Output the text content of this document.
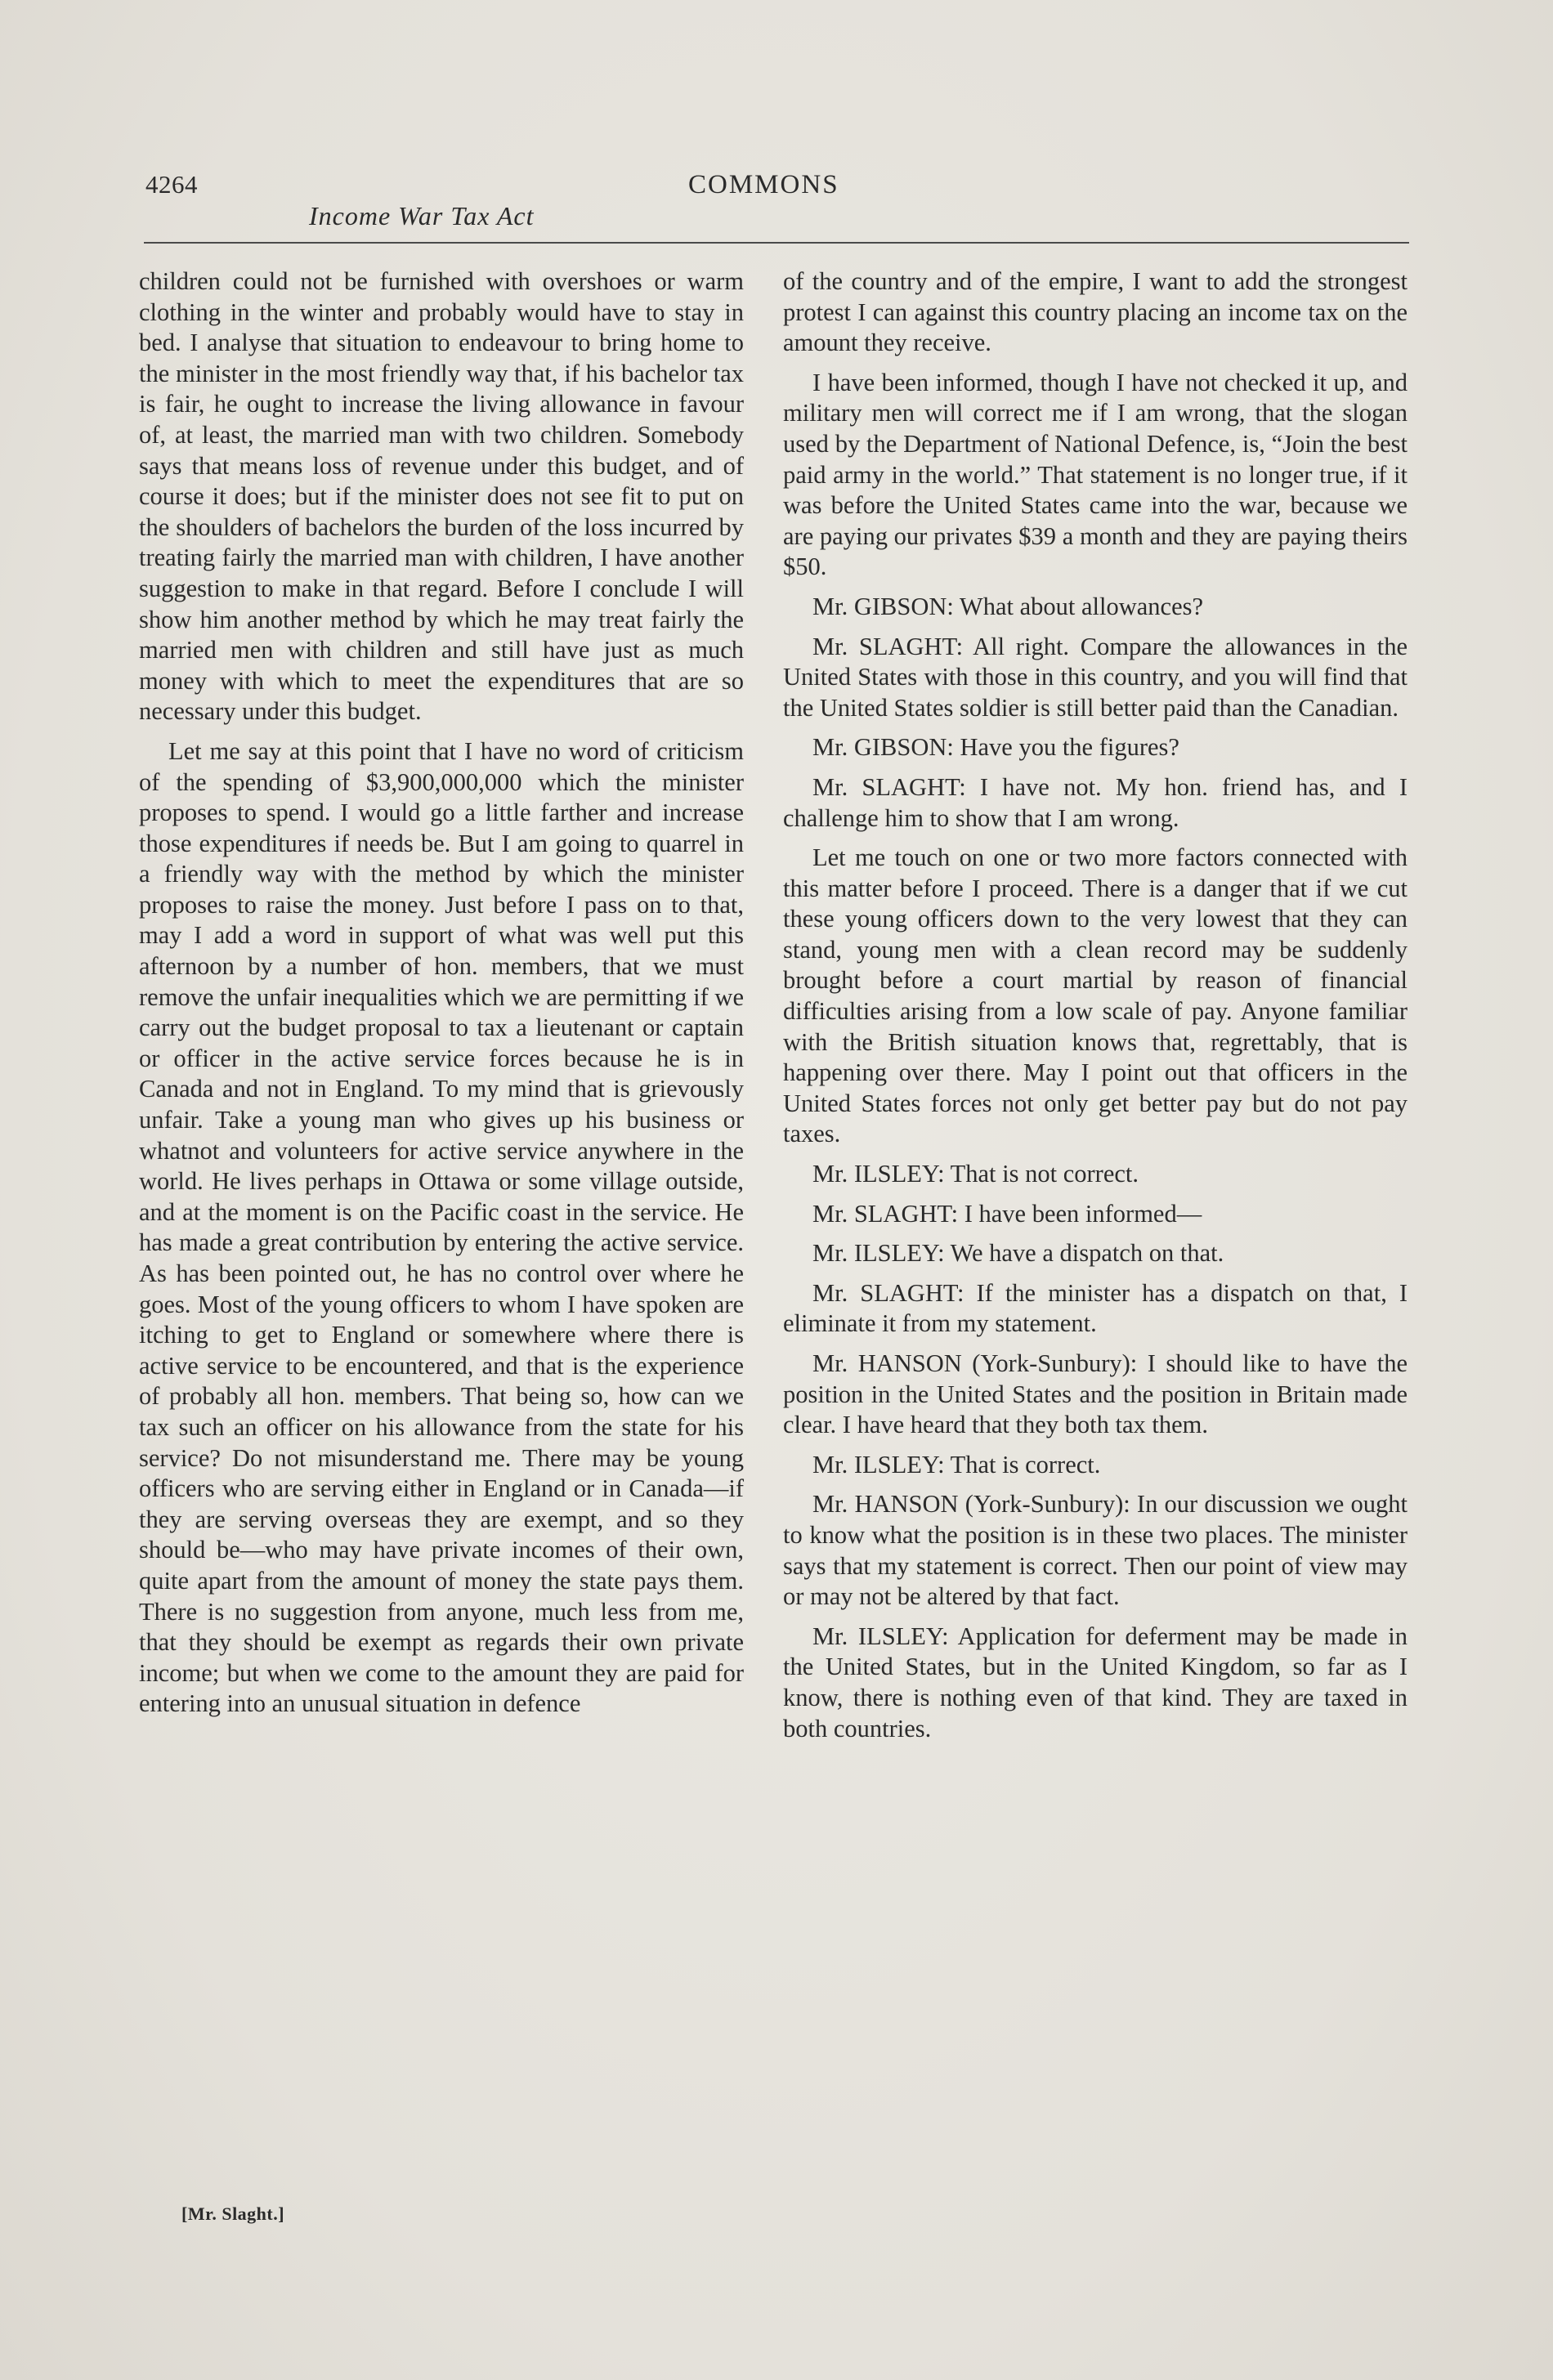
4264	COMMONS
Income War Tax Act

children could not be furnished with overshoes or warm clothing in the winter and probably would have to stay in bed. I analyse that situation to endeavour to bring home to the minister in the most friendly way that, if his bachelor tax is fair, he ought to increase the living allowance in favour of, at least, the married man with two children. Somebody says that means loss of revenue under this budget, and of course it does; but if the minister does not see fit to put on the shoulders of bachelors the burden of the loss incurred by treating fairly the married man with children, I have another suggestion to make in that regard. Before I conclude I will show him another method by which he may treat fairly the married men with children and still have just as much money with which to meet the expenditures that are so necessary under this budget.

Let me say at this point that I have no word of criticism of the spending of $3,900,000,000 which the minister proposes to spend. I would go a little farther and increase those expenditures if needs be. But I am going to quarrel in a friendly way with the method by which the minister proposes to raise the money. Just before I pass on to that, may I add a word in support of what was well put this afternoon by a number of hon. members, that we must remove the unfair inequalities which we are permitting if we carry out the budget proposal to tax a lieutenant or captain or officer in the active service forces because he is in Canada and not in England. To my mind that is grievously unfair. Take a young man who gives up his business or whatnot and volunteers for active service anywhere in the world. He lives perhaps in Ottawa or some village outside, and at the moment is on the Pacific coast in the service. He has made a great contribution by entering the active service. As has been pointed out, he has no control over where he goes. Most of the young officers to whom I have spoken are itching to get to England or somewhere where there is active service to be encountered, and that is the experience of probably all hon. members. That being so, how can we tax such an officer on his allowance from the state for his service? Do not misunderstand me. There may be young officers who are serving either in England or in Canada—if they are serving overseas they are exempt, and so they should be—who may have private incomes of their own, quite apart from the amount of money the state pays them. There is no suggestion from anyone, much less from me, that they should be exempt as regards their own private income; but when we come to the amount they are paid for entering into an unusual situation in defence

of the country and of the empire, I want to add the strongest protest I can against this country placing an income tax on the amount they receive.

I have been informed, though I have not checked it up, and military men will correct me if I am wrong, that the slogan used by the Department of National Defence, is, “Join the best paid army in the world.” That statement is no longer true, if it was before the United States came into the war, because we are paying our privates $39 a month and they are paying theirs $50.

Mr. GIBSON: What about allowances?

Mr. SLAGHT: All right. Compare the allowances in the United States with those in this country, and you will find that the United States soldier is still better paid than the Canadian.

Mr. GIBSON: Have you the figures?

Mr. SLAGHT: I have not. My hon. friend has, and I challenge him to show that I am wrong.

Let me touch on one or two more factors connected with this matter before I proceed. There is a danger that if we cut these young officers down to the very lowest that they can stand, young men with a clean record may be suddenly brought before a court martial by reason of financial difficulties arising from a low scale of pay. Anyone familiar with the British situation knows that, regrettably, that is happening over there. May I point out that officers in the United States forces not only get better pay but do not pay taxes.

Mr. ILSLEY: That is not correct.

Mr. SLAGHT: I have been informed—

Mr. ILSLEY: We have a dispatch on that.

Mr. SLAGHT: If the minister has a dispatch on that, I eliminate it from my statement.

Mr. HANSON (York-Sunbury): I should like to have the position in the United States and the position in Britain made clear. I have heard that they both tax them.

Mr. ILSLEY: That is correct.

Mr. HANSON (York-Sunbury): In our discussion we ought to know what the position is in these two places. The minister says that my statement is correct. Then our point of view may or may not be altered by that fact.

Mr. ILSLEY: Application for deferment may be made in the United States, but in the United Kingdom, so far as I know, there is nothing even of that kind. They are taxed in both countries.

[Mr. Slaght.]
